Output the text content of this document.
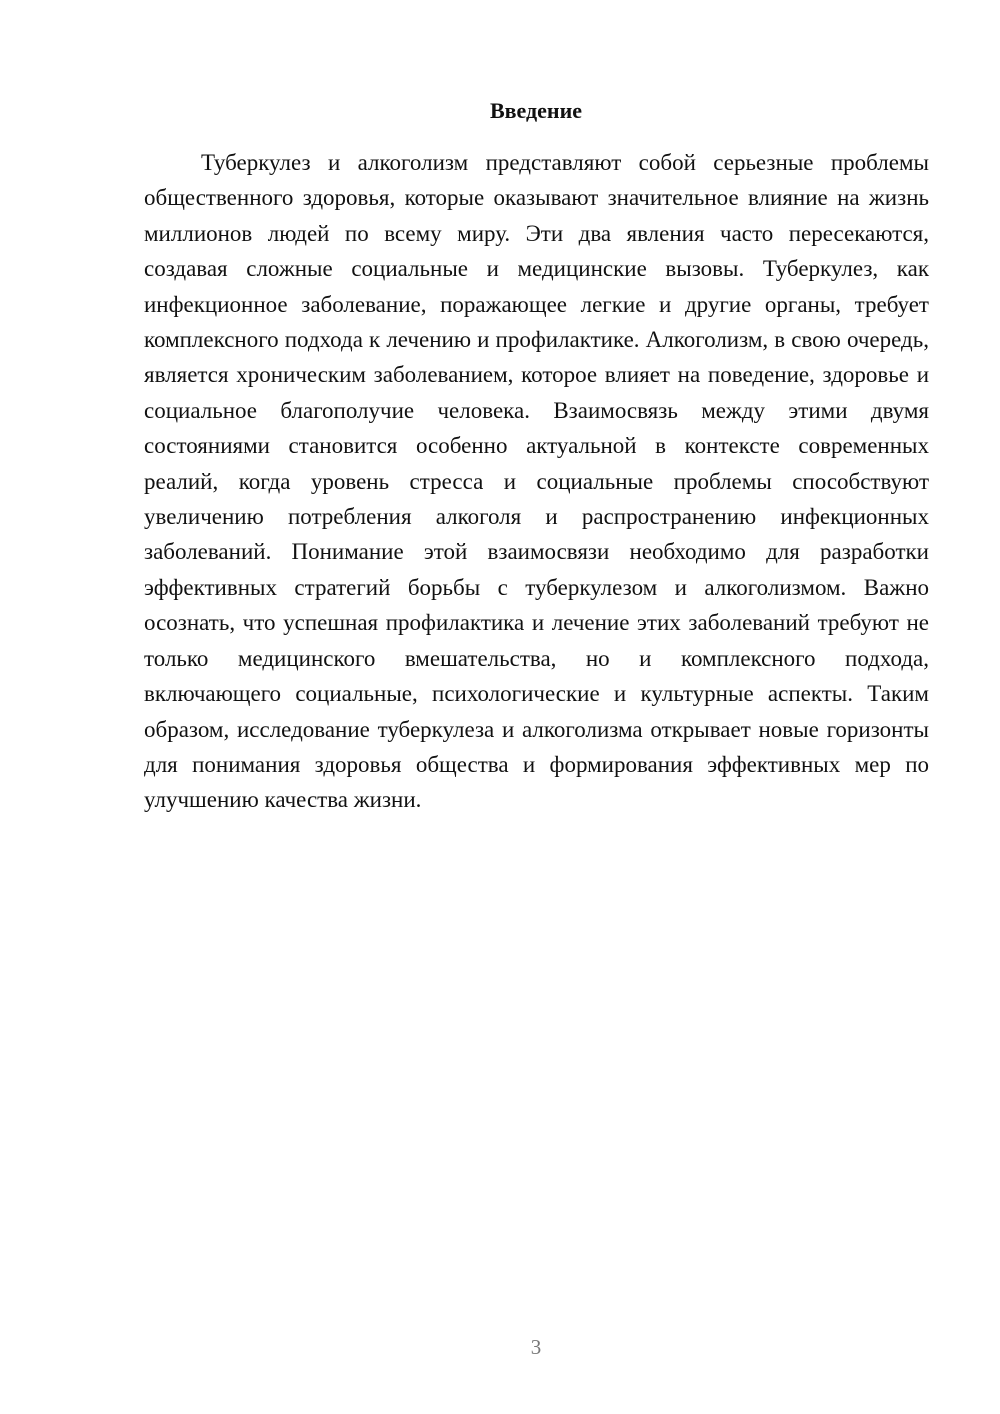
Введение

Туберкулез и алкоголизм представляют собой серьезные проблемы общественного здоровья, которые оказывают значительное влияние на жизнь миллионов людей по всему миру. Эти два явления часто пересекаются, создавая сложные социальные и медицинские вызовы. Туберкулез, как инфекционное заболевание, поражающее легкие и другие органы, требует комплексного подхода к лечению и профилактике. Алкоголизм, в свою очередь, является хроническим заболеванием, которое влияет на поведение, здоровье и социальное благополучие человека. Взаимосвязь между этими двумя состояниями становится особенно актуальной в контексте современных реалий, когда уровень стресса и социальные проблемы способствуют увеличению потребления алкоголя и распространению инфекционных заболеваний. Понимание этой взаимосвязи необходимо для разработки эффективных стратегий борьбы с туберкулезом и алкоголизмом. Важно осознать, что успешная профилактика и лечение этих заболеваний требуют не только медицинского вмешательства, но и комплексного подхода, включающего социальные, психологические и культурные аспекты. Таким образом, исследование туберкулеза и алкоголизма открывает новые горизонты для понимания здоровья общества и формирования эффективных мер по улучшению качества жизни.

3
